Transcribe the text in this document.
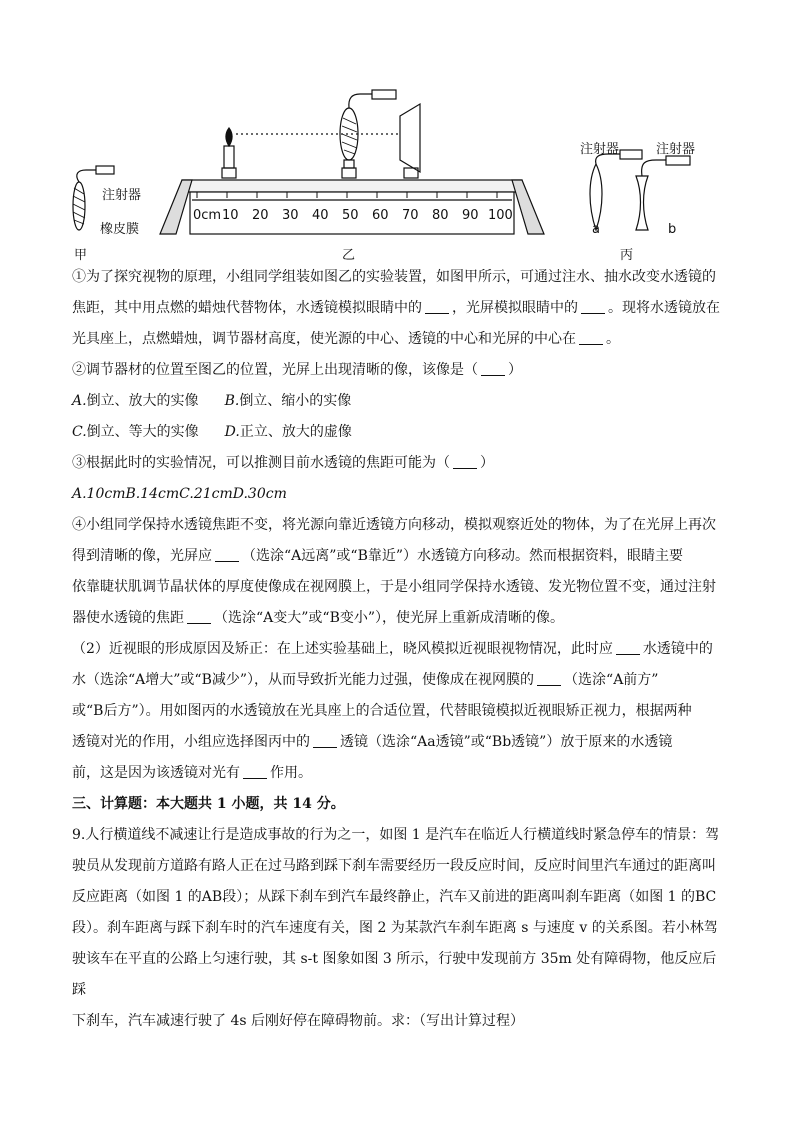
注射器
橡皮膜
甲	乙	丙
注射器	注射器
a	b
0cm 10 20 30 40 50 60 70 80 90 100

①为了探究视物的原理，小组同学组装如图乙的实验装置，如图甲所示，可通过注水、抽水改变水透镜的

焦距，其中用点燃的蜡烛代替物体，水透镜模拟眼睛中的 ，光屏模拟眼睛中的 。现将水透镜放在

光具座上，点燃蜡烛，调节器材高度，使光源的中心、透镜的中心和光屏的中心在 。

②调节器材的位置至图乙的位置，光屏上出现清晰的像，该像是（ ）

A.倒立、放大的实像 B.倒立、缩小的实像

C.倒立、等大的实像 D.正立、放大的虚像

③根据此时的实验情况，可以推测目前水透镜的焦距可能为（ ）

A.10cmB.14cmC.21cmD.30cm

④小组同学保持水透镜焦距不变，将光源向靠近透镜方向移动，模拟观察近处的物体，为了在光屏上再次

得到清晰的像，光屏应 （选涂“A远离”或“B靠近”）水透镜方向移动。然而根据资料，眼睛主要

依靠睫状肌调节晶状体的厚度使像成在视网膜上，于是小组同学保持水透镜、发光物位置不变，通过注射

器使水透镜的焦距 （选涂“A变大”或“B变小”），使光屏上重新成清晰的像。

（2）近视眼的形成原因及矫正：在上述实验基础上，晓风模拟近视眼视物情况，此时应 水透镜中的

水（选涂“A增大”或“B减少”），从而导致折光能力过强，使像成在视网膜的 （选涂“A前方”

或“B后方”）。用如图丙的水透镜放在光具座上的合适位置，代替眼镜模拟近视眼矫正视力，根据两种

透镜对光的作用，小组应选择图丙中的 透镜（选涂“Aa透镜”或“Bb透镜”）放于原来的水透镜

前，这是因为该透镜对光有 作用。

三、计算题：本大题共 1 小题，共 14 分。

9.人行横道线不减速让行是造成事故的行为之一，如图 1 是汽车在临近人行横道线时紧急停车的情景：驾

驶员从发现前方道路有路人正在过马路到踩下刹车需要经历一段反应时间，反应时间里汽车通过的距离叫

反应距离（如图 1 的AB段）；从踩下刹车到汽车最终静止，汽车又前进的距离叫刹车距离（如图 1 的BC

段）。刹车距离与踩下刹车时的汽车速度有关，图 2 为某款汽车刹车距离 s 与速度 v 的关系图。若小林驾

驶该车在平直的公路上匀速行驶，其 s-t 图象如图 3 所示，行驶中发现前方 35m 处有障碍物，他反应后踩

下刹车，汽车减速行驶了 4s 后刚好停在障碍物前。求：（写出计算过程）
